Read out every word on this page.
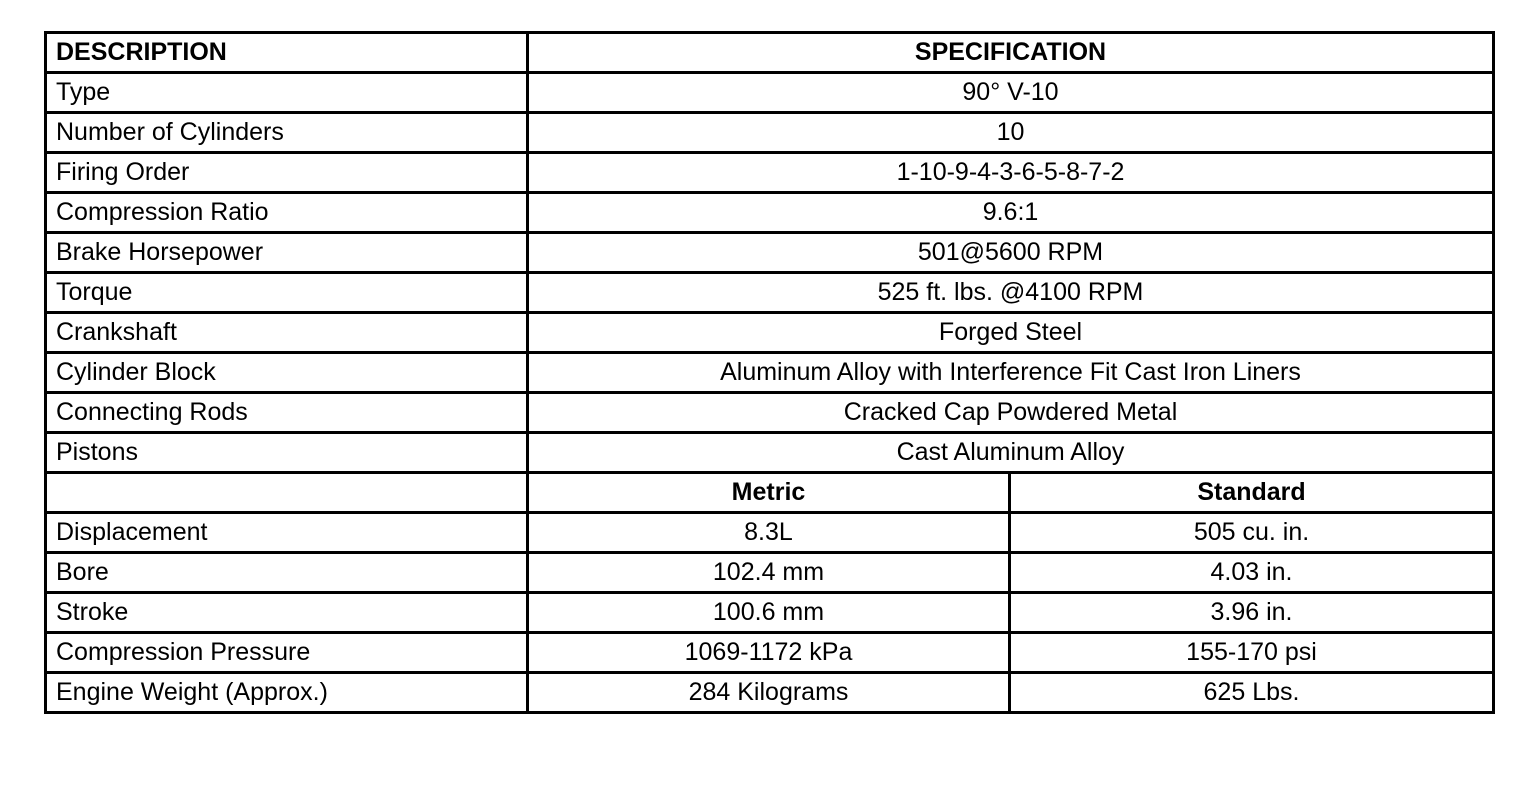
DESCRIPTION	SPECIFICATION	
Type	90° V-10	
Number of Cylinders	10	
Firing Order	1-10-9-4-3-6-5-8-7-2	
Compression Ratio	9.6:1	
Brake Horsepower	501@5600 RPM	
Torque	525 ft. lbs. @4100 RPM	
Crankshaft	Forged Steel	
Cylinder Block	Aluminum Alloy with Interference Fit Cast Iron Liners	
Connecting Rods	Cracked Cap Powdered Metal	
Pistons	Cast Aluminum Alloy	
	Metric	Standard
Displacement	8.3L	505 cu. in.
Bore	102.4 mm	4.03 in.
Stroke	100.6 mm	3.96 in.
Compression Pressure	1069-1172 kPa	155-170 psi
Engine Weight (Approx.)	284 Kilograms	625 Lbs.
